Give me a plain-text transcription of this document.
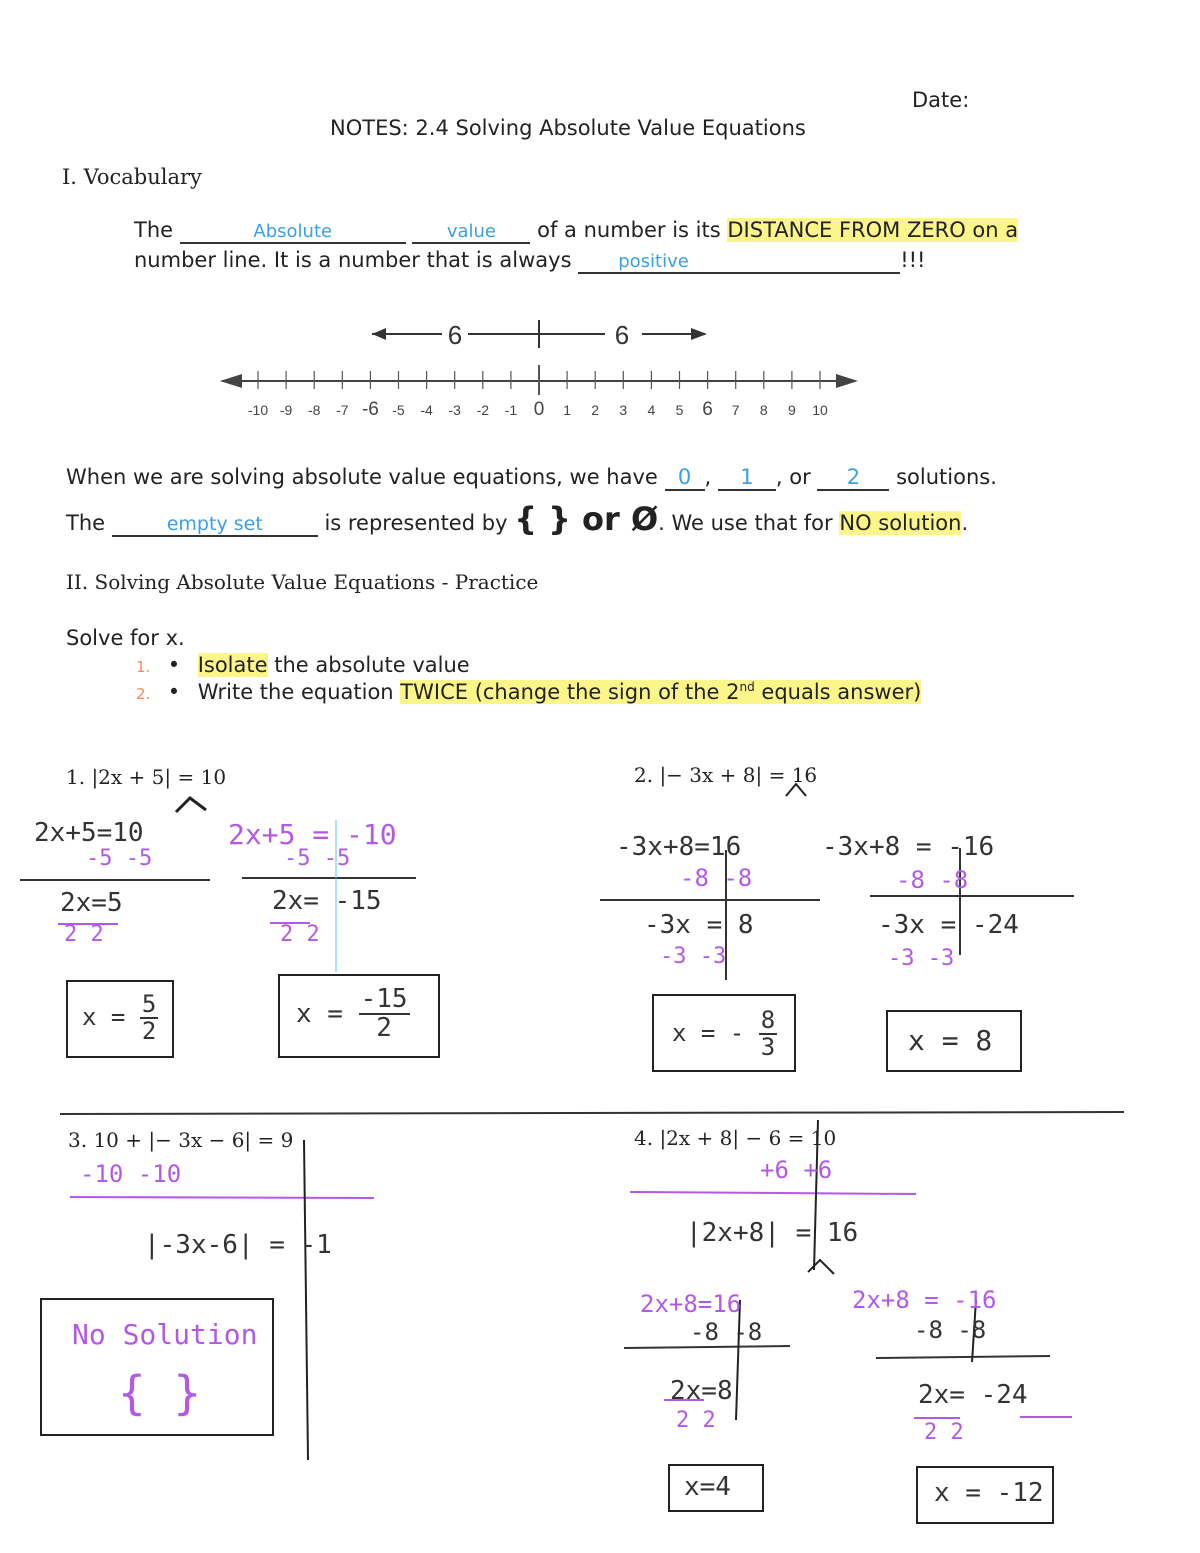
Date:
NOTES: 2.4 Solving Absolute Value Equations
I. Vocabulary
The	Absolute	value of a number is its DISTANCE FROM ZERO on a
number line. It is a number that is always	positive	!!!
6	6
-10 -9 -8 -7 -6 -5 -4 -3 -2 -1 0 1 2 3 4 5 6 7 8 9 10
When we are solving absolute value equations, we have 0 , 1 , or 2 solutions.
The	empty set	is represented by { } or Ø. We use that for NO solution.
II. Solving Absolute Value Equations - Practice
Solve for x.
1. • Isolate the absolute value
2. • Write the equation TWICE (change the sign of the 2nd equals answer)
1. |2x + 5| = 10
2x+5=10
-5 -5
2x=5
2 2
$x = \frac{5}{2}$
2x+5 = -10
-5 -5
2x= -15
2 2
$x = \frac{-15}{2}$
2. |− 3x + 8| = 16
-3x+8=16
-8 -8
-3x = 8
-3 -3
x = - $\frac{8}{3}$
-3x+8 = -16
-8 -8
-3x = -24
-3 -3
x = 8
3. 10 + |− 3x − 6| = 9
-10 -10
|-3x-6| = -1
No Solution
{ }
4. |2x + 8| − 6 = 10
+6 +6
|2x+8| = 16
2x+8=16
-8 -8
2x=8
2 2
x=4
2x+8 = -16
-8 -8
2x= -24
2 2
x = -12
